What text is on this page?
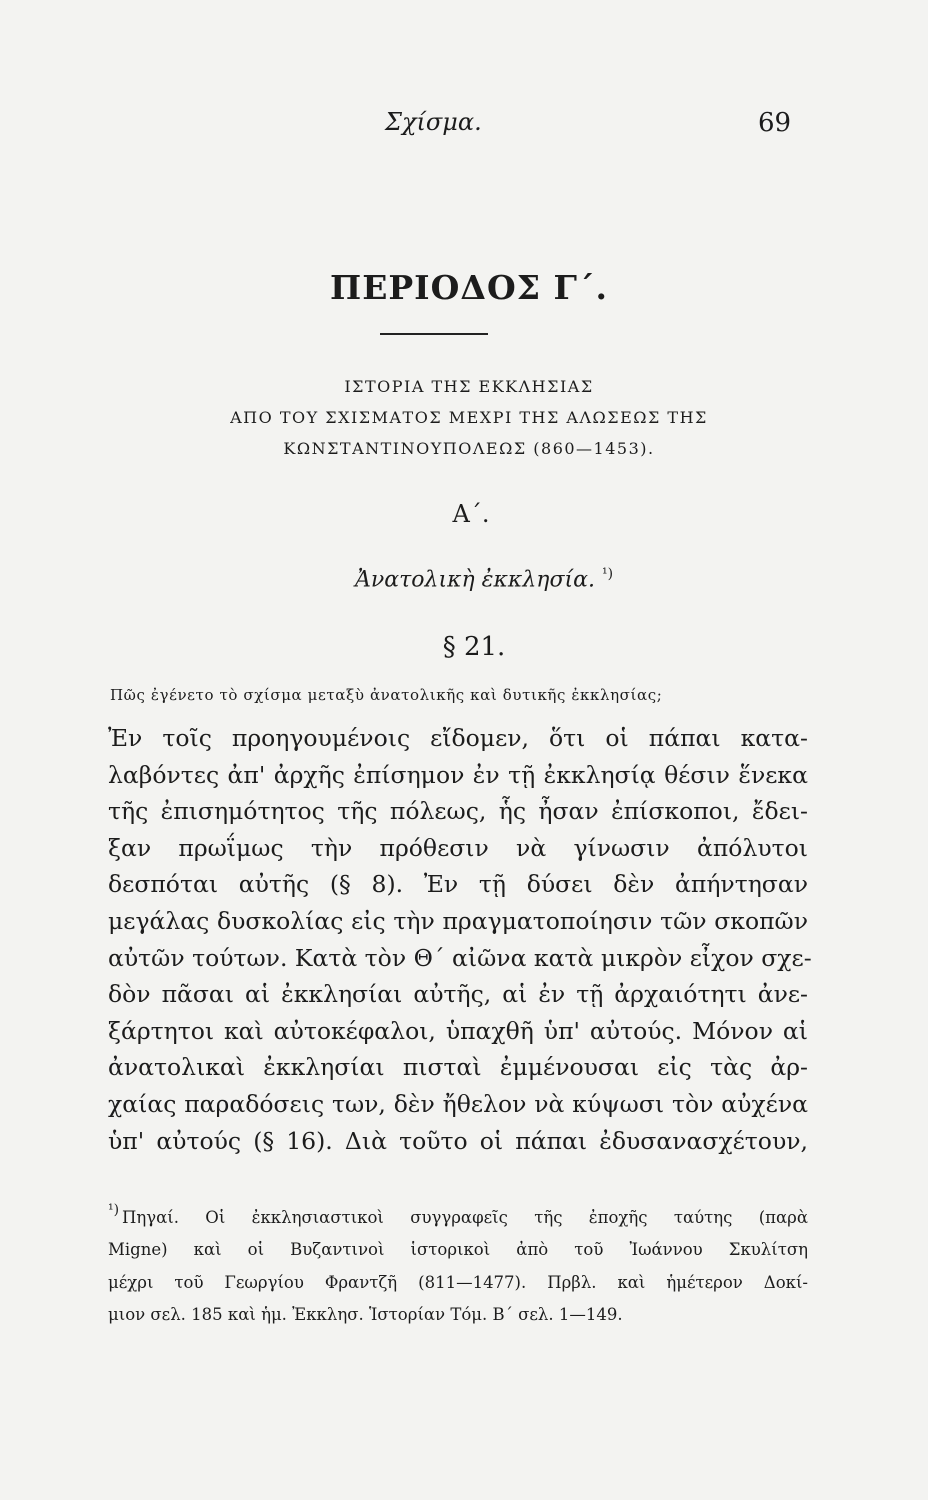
Σχίσμα.	69
ΠΕΡΙΟΔΟΣ Γ΄.
ΙΣΤΟΡΙΑ ΤΗΣ ΕΚΚΛΗΣΙΑΣ
ΑΠΟ ΤΟΥ ΣΧΙΣΜΑΤΟΣ ΜΕΧΡΙ ΤΗΣ ΑΛΩΣΕΩΣ ΤΗΣ
ΚΩΝΣΤΑΝΤΙΝΟΥΠΟΛΕΩΣ (860—1453).
Α΄.
Ἀνατολικὴ ἐκκλησία. $^{^1)}$
§ 21.
Πῶς ἐγένετο τὸ σχίσμα μεταξὺ ἀνατολικῆς καὶ δυτικῆς ἐκκλησίας;
Ἐν τοῖς προηγουμένοις εἴδομεν, ὅτι οἱ πάπαι κατα-
λαβόντες ἀπ' ἀρχῆς ἐπίσημον ἐν τῇ ἐκκλησίᾳ θέσιν ἕνεκα
τῆς ἐπισημότητος τῆς πόλεως, ἧς ἦσαν ἐπίσκοποι, ἔδει-
ξαν πρωΐμως τὴν πρόθεσιν νὰ γίνωσιν ἀπόλυτοι
δεσπόται αὐτῆς (§ 8). Ἐν τῇ δύσει δὲν ἀπήντησαν
μεγάλας δυσκολίας εἰς τὴν πραγματοποίησιν τῶν σκοπῶν
αὐτῶν τούτων. Κατὰ τὸν Θ΄ αἰῶνα κατὰ μικρὸν εἶχον σχε-
δὸν πᾶσαι αἱ ἐκκλησίαι αὐτῆς, αἱ ἐν τῇ ἀρχαιότητι ἀνε-
ξάρτητοι καὶ αὐτοκέφαλοι, ὑπαχθῆ ὑπ' αὐτούς. Μόνον αἱ
ἀνατολικαὶ ἐκκλησίαι πισταὶ ἐμμένουσαι εἰς τὰς ἀρ-
χαίας παραδόσεις των, δὲν ἤθελον νὰ κύψωσι τὸν αὐχένα
ὑπ' αὐτούς (§ 16). Διὰ τοῦτο οἱ πάπαι ἐδυσανασχέτουν,
¹) Πηγαί. Οἱ ἐκκλησιαστικοὶ συγγραφεῖς τῆς ἐποχῆς ταύτης (παρὰ
Migne) καὶ οἱ Βυζαντινοὶ ἱστορικοὶ ἀπὸ τοῦ Ἰωάννου Σκυλίτση
μέχρι τοῦ Γεωργίου Φραντζῆ (811—1477). Πρβλ. καὶ ἡμέτερον Δοκί-
μιον σελ. 185 καὶ ἡμ. Ἐκκλησ. Ἱστορίαν Τόμ. Β΄ σελ. 1—149.
